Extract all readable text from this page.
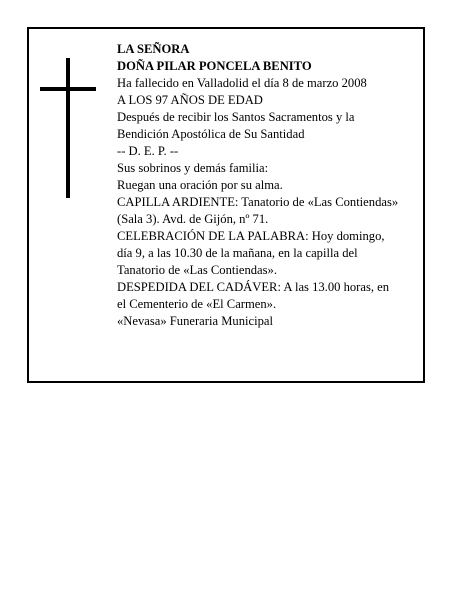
LA SEÑORA
DOÑA PILAR PONCELA BENITO
Ha fallecido en Valladolid el día 8 de marzo 2008
A LOS 97 AÑOS DE EDAD
Después de recibir los Santos Sacramentos y la
Bendición Apostólica de Su Santidad
-- D. E. P. --
Sus sobrinos y demás familia:
Ruegan una oración por su alma.
CAPILLA ARDIENTE: Tanatorio de «Las Contiendas»
(Sala 3). Avd. de Gijón, nº 71.
CELEBRACIÓN DE LA PALABRA: Hoy domingo,
día 9, a las 10.30 de la mañana, en la capilla del
Tanatorio de «Las Contiendas».
DESPEDIDA DEL CADÁVER: A las 13.00 horas, en
el Cementerio de «El Carmen».
«Nevasa» Funeraria Municipal
